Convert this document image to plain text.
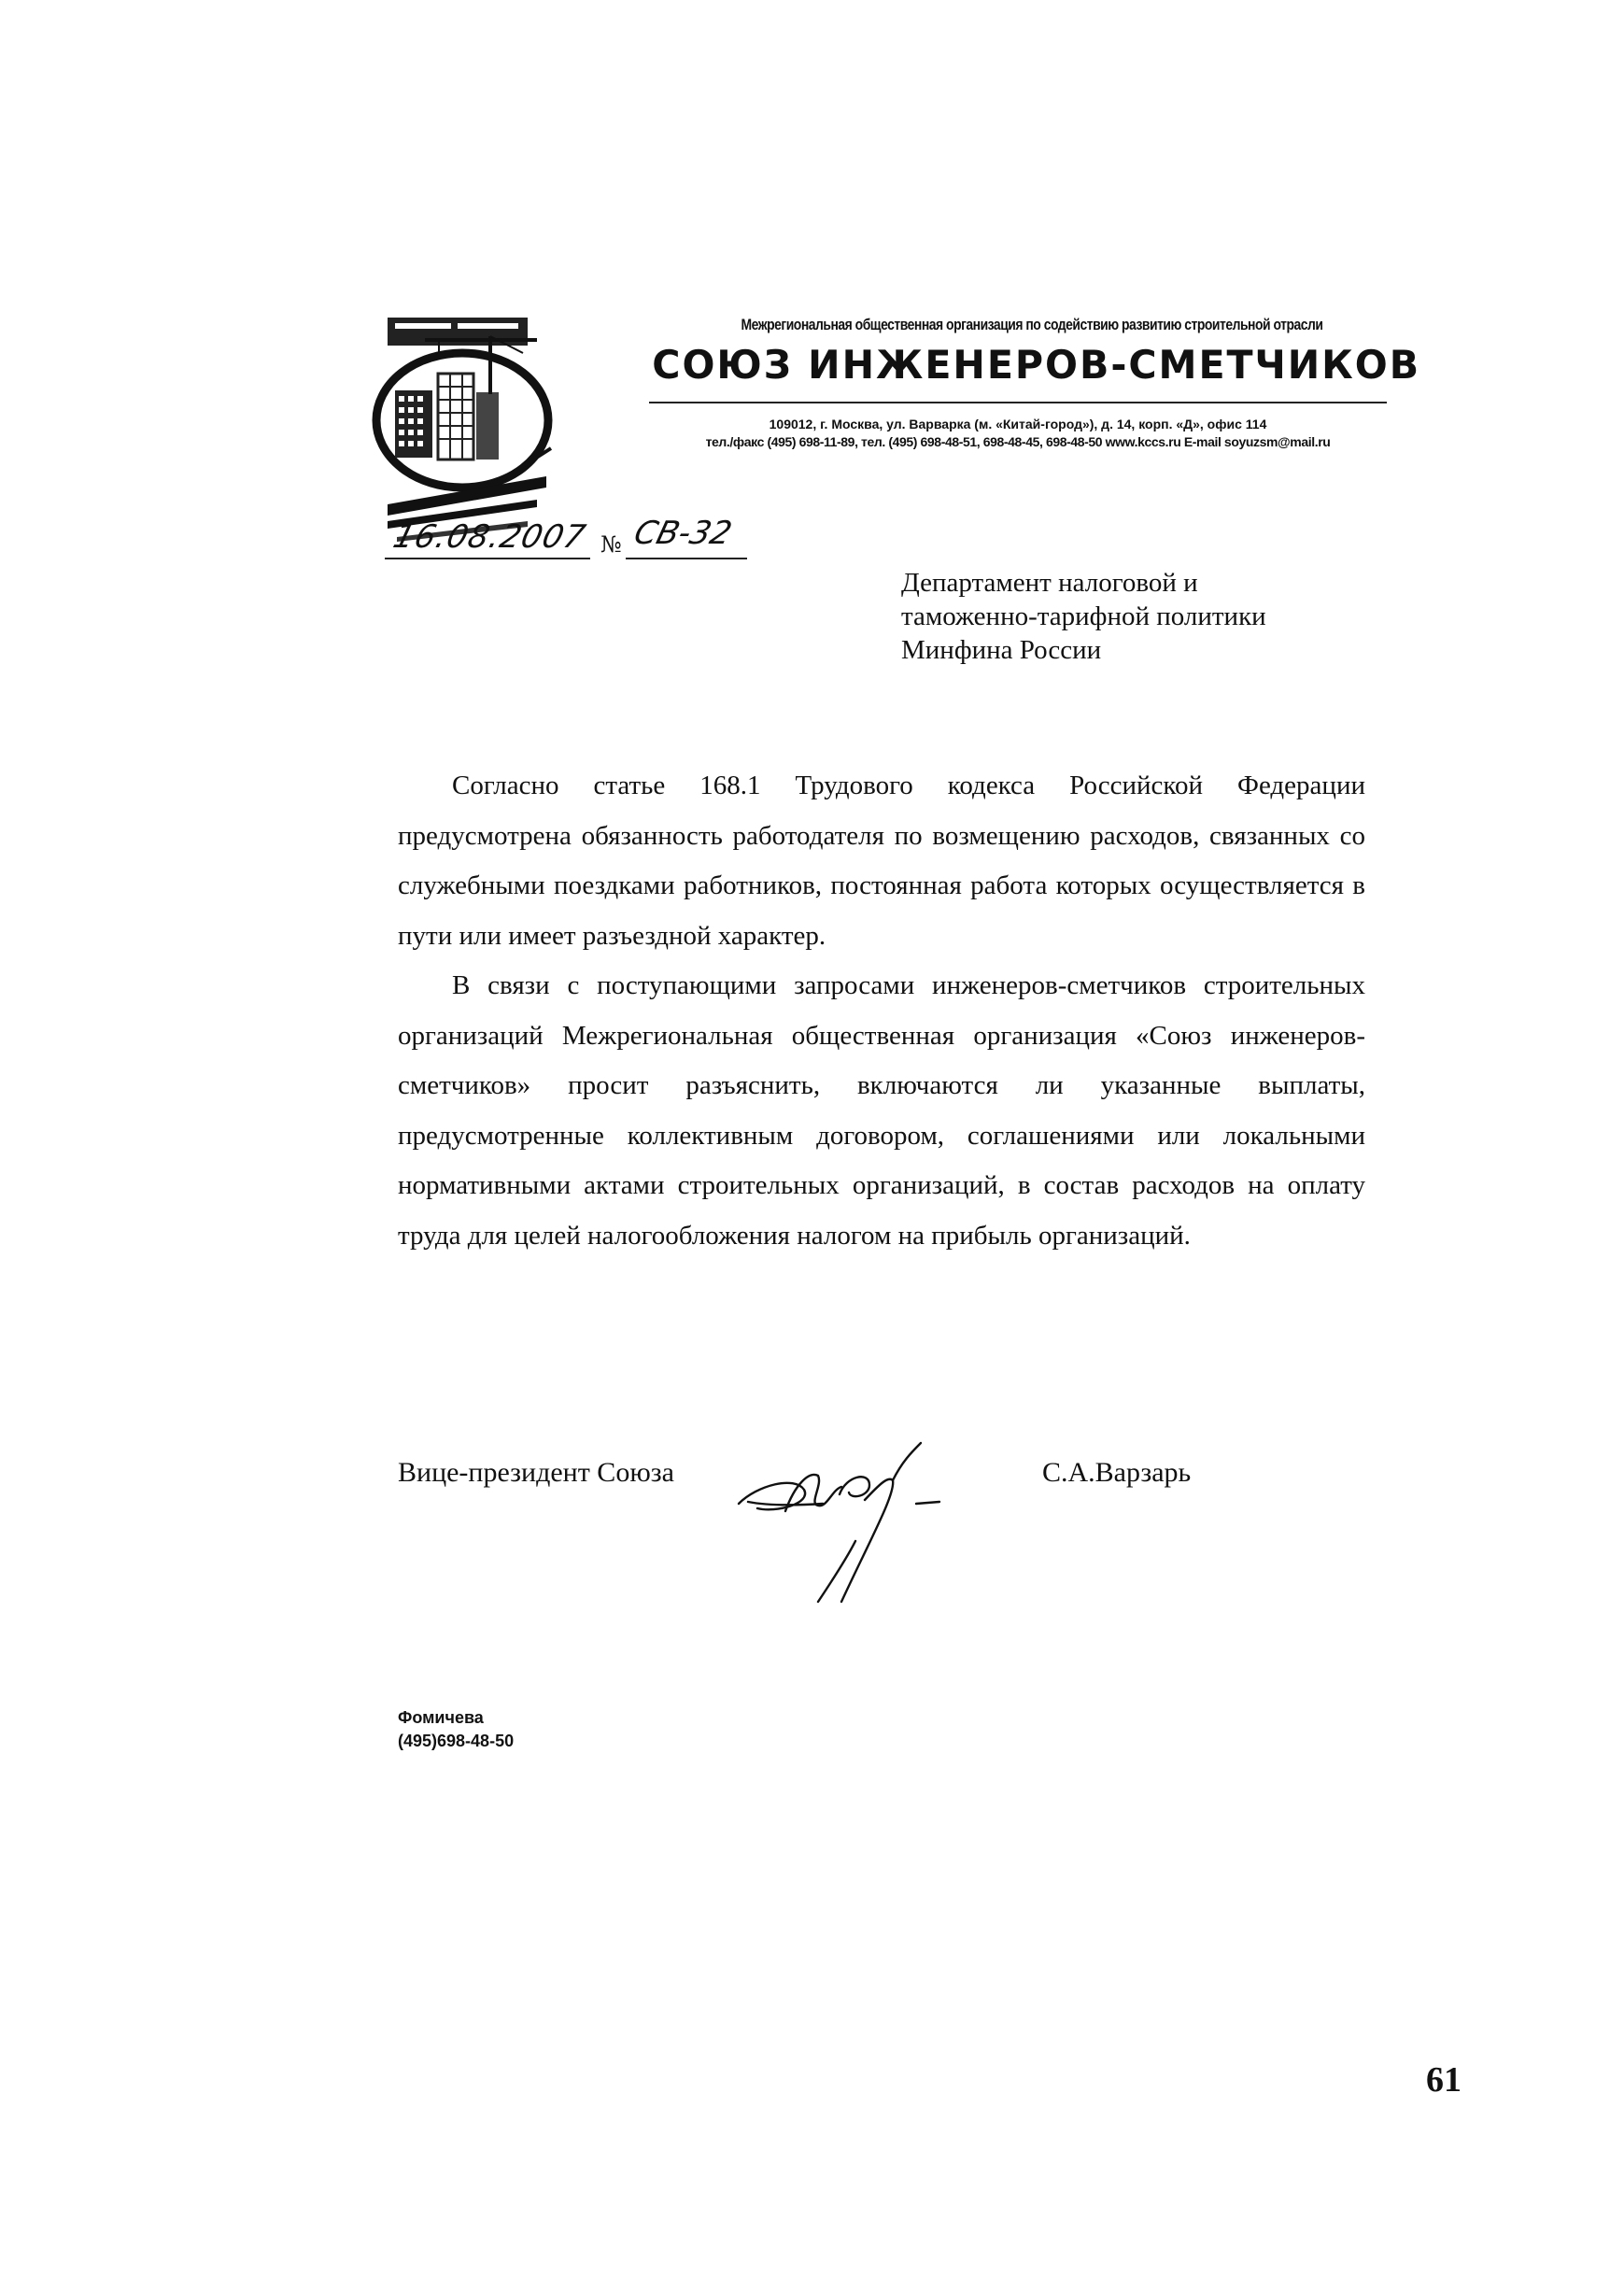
Межрегиональная общественная организация по содействию развитию строительной отрасли
СОЮЗ ИНЖЕНЕРОВ-СМЕТЧИКОВ
109012, г. Москва, ул. Варварка (м. «Китай-город»), д. 14, корп. «Д», офис 114
тел./факс (495) 698-11-89, тел. (495) 698-48-51, 698-48-45, 698-48-50 www.kccs.ru E-mail soyuzsm@mail.ru
16.08.2007 № СВ-32
Департамент налоговой и
таможенно-тарифной политики
Минфина России

Согласно статье 168.1 Трудового кодекса Российской Федерации предусмотрена обязанность работодателя по возмещению расходов, связанных со служебными поездками работников, постоянная работа которых осуществляется в пути или имеет разъездной характер.

В связи с поступающими запросами инженеров-сметчиков строительных организаций Межрегиональная общественная организация «Союз инженеров-сметчиков» просит разъяснить, включаются ли указанные выплаты, предусмотренные коллективным договором, соглашениями или локальными нормативными актами строительных организаций, в состав расходов на оплату труда для целей налогообложения налогом на прибыль организаций.

Вице-президент Союза	С.А.Варзарь
Фомичева
(495)698-48-50
61
